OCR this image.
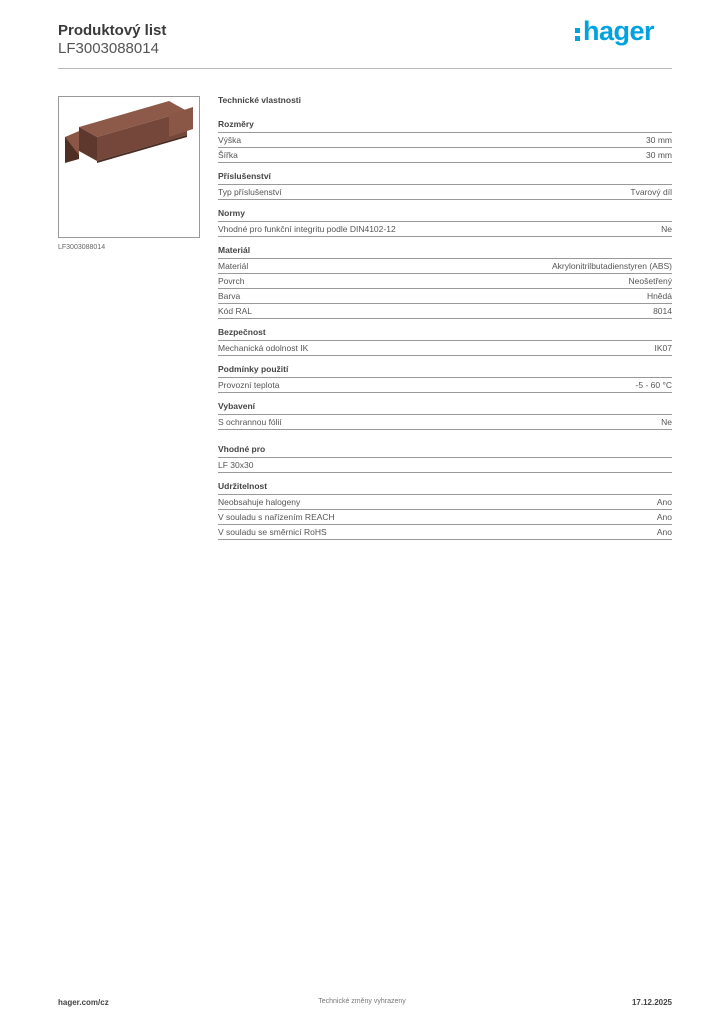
Produktový list
LF3003088014
hager
LF3003088014
Technické vlastnosti
Rozměry
Výška	30 mm
Šířka	30 mm
Příslušenství
Typ příslušenství	Tvarový díl
Normy
Vhodné pro funkční integritu podle DIN4102-12	Ne
Materiál
Materiál	Akrylonitrilbutadienstyren (ABS)
Povrch	Neošetřený
Barva	Hnědá
Kód RAL	8014
Bezpečnost
Mechanická odolnost IK	IK07
Podmínky použití
Provozní teplota	-5 - 60 °C
Vybavení
S ochrannou fólií	Ne
Vhodné pro
LF 30x30
Udržitelnost
Neobsahuje halogeny	Ano
V souladu s nařízením REACH	Ano
V souladu se směrnicí RoHS	Ano
hager.com/cz	Technické změny vyhrazeny	17.12.2025
